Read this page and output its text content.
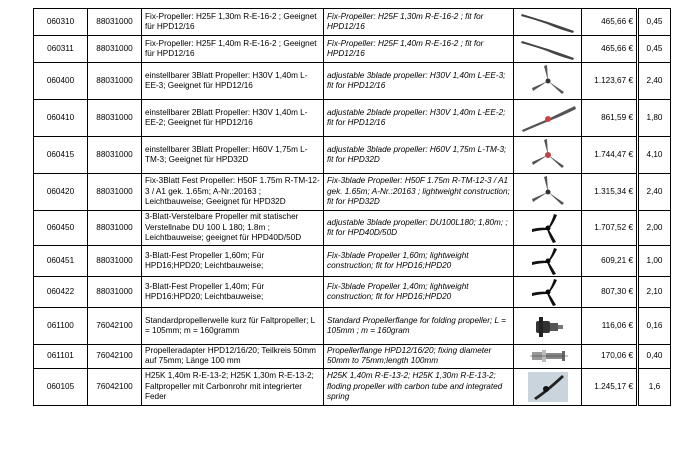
060310	88031000	Fix-Propeller: H25F 1,30m R-E-16-2 ; Geeignet für HPD12/16	Fix-Propeller: H25F 1,30m R-E-16-2 ; fit for HPD12/16		465,66 €	0,45
060311	88031000	Fix-Propeller: H25F 1,40m R-E-16-2 ; Geeignet für HPD12/16	Fix-Propeller: H25F 1,40m R-E-16-2 ; fit for HPD12/16		465,66 €	0,45
060400	88031000	einstellbarer 3Blatt Propeller: H30V 1,40m L-EE-3; Geeignet für HPD12/16	adjustable 3blade propeller: H30V 1,40m L-EE-3; fit for HPD12/16		1.123,67 €	2,40
060410	88031000	einstellbarer 2Blatt Propeller: H30V 1,40m L-EE-2; Geeignet für HPD12/16	adjustable 2blade propeller: H30V 1,40m L-EE-2; fit for HPD12/16		861,59 €	1,80
060415	88031000	einstellbarer 3Blatt Propeller: H60V 1,75m L-TM-3; Geeignet für HPD32D	adjustable 3blade propeller: H60V 1,75m L-TM-3; fit for HPD32D		1.744,47 €	4,10
060420	88031000	Fix-3Blatt Fest Propeller: H50F 1.75m R-TM-12-3 / A1 gek. 1.65m; A-Nr.:20163 ; Leichtbauweise; Geeignet für HPD32D	Fix-3blade Propeller: H50F 1.75m R-TM-12-3 / A1 gek. 1.65m; A-Nr.:20163 ; lightweight construction; fit for HPD32D		1.315,34 €	2,40
060450	88031000	3-Blatt-Verstelbare Propeller mit statischer Verstellnabe DU 100 L 180; 1.8m ; Leichtbauweise; geeignet für HPD40D/50D	adjustable 3blade propeller: DU100L180; 1,80m; ; fit for HPD40D/50D		1.707,52 €	2,00
060451	88031000	3-Blatt-Fest Propeller 1,60m; Für HPD16;HPD20; Leichtbauweise;	Fix-3blade Propeller 1,60m; lightweight construction; fit for HPD16;HPD20		609,21 €	1,00
060422	88031000	3-Blatt-Fest Propeller 1,40m; Für HPD16:HPD20; Leichtbauweise;	Fix-3blade Propeller 1,40m; lightweight construction; fit for HPD16;HPD20		807,30 €	2,10
061100	76042100	Standardpropellerwelle kurz für Faltpropeller; L = 105mm; m = 160gramm	Standard Propellerflange for folding propeller; L = 105mm ; m = 160gram		116,06 €	0,16
061101	76042100	Propelleradapter HPD12/16/20; Teilkreis 50mm auf 75mm; Länge 100 mm	Propellerflange HPD12/16/20; fixing diameter 50mm to 75mm;length 100mm		170,06 €	0,40
060105	76042100	H25K 1,40m R-E-13-2; H25K 1,30m R-E-13-2; Faltpropeller mit Carbonrohr mit integrierter Feder	H25K 1,40m R-E-13-2; H25K 1,30m R-E-13-2; floding propeller with carbon tube and integrated spring		1.245,17 €	1,6
